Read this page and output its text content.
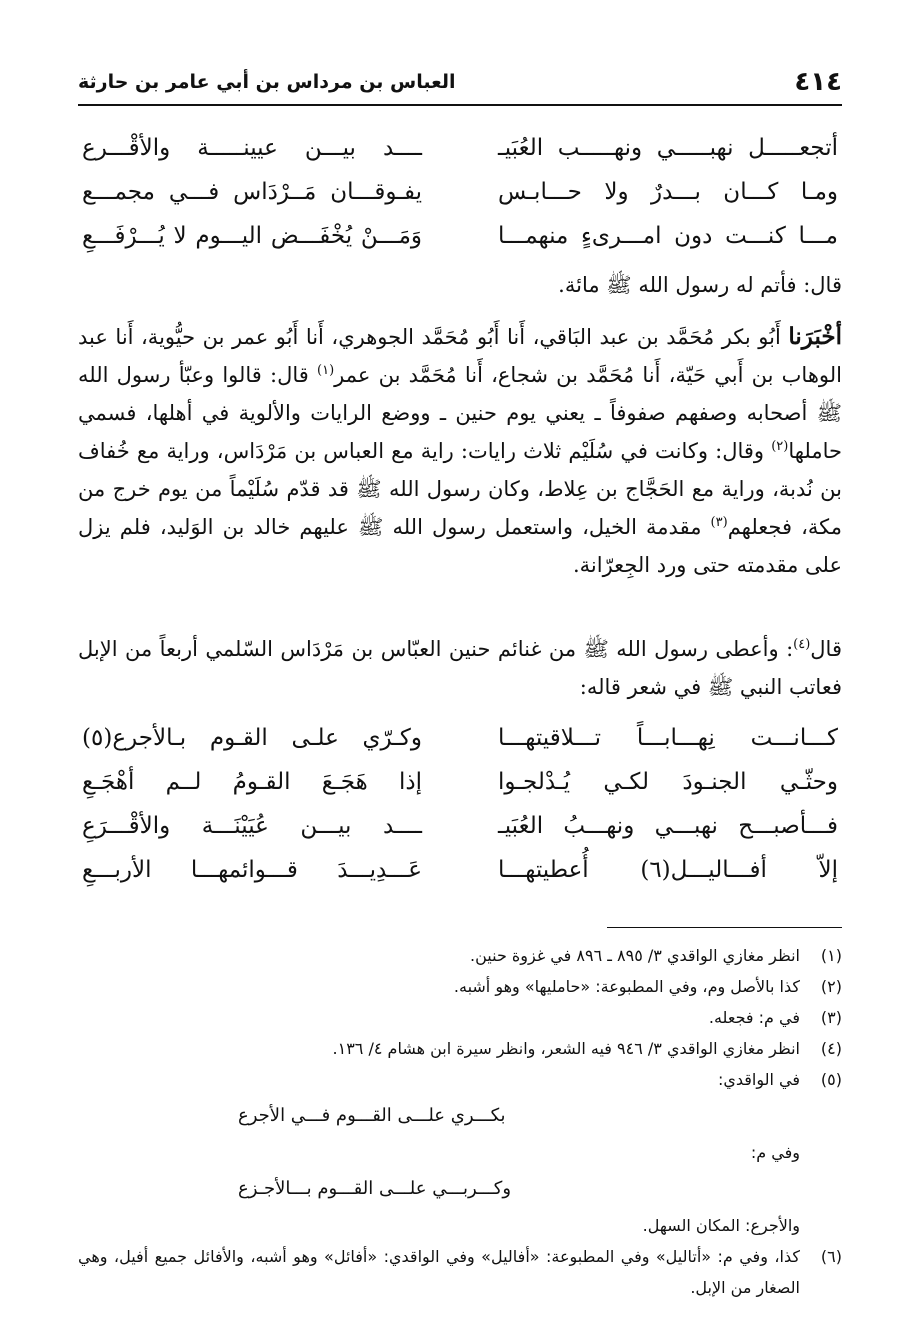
٤١٤
العباس بن مرداس بن أبي عامر بن حارثة
أتجعـــــل نهبـــــي ونهـــــب العُبَيـ
ــــد بيـــن عيينـــــة والأقْـــرع
ومـا كـــان بـــدرٌ ولا حـــابـس
يفـوقـــان مَــرْدَاس فـــي مجمـــع
مـــا كنـــت دون امـــرىءٍ منهمـــا
وَمَـــنْ يُخْفَـــض اليـــوم لا يُـــرْفَـــعِ
قال: فأتم له رسول الله ﷺ مائة.
أخْبَرَنا أَبُو بكر مُحَمَّد بن عبد البَاقي، أَنا أَبُو مُحَمَّد الجوهري، أَنا أَبُو عمر بن حيُّوية، أَنا عبد الوهاب بن أَبي حَيّة، أَنا مُحَمَّد بن شجاع، أَنا مُحَمَّد بن عمر$^{(١)}$ قال: قالوا وعبّأ رسول الله ﷺ أصحابه وصفهم صفوفاً ـ يعني يوم حنين ـ ووضع الرايات والألوية في أهلها، فسمي حاملها$^{(٢)}$ وقال: وكانت في سُلَيْم ثلاث رايات: راية مع العباس بن مَرْدَاس، وراية مع خُفاف بن نُدبة، وراية مع الحَجَّاج بن عِلاط، وكان رسول الله ﷺ قد قدّم سُلَيْماً من يوم خرج من مكة، فجعلهم$^{(٣)}$ مقدمة الخيل، واستعمل رسول الله ﷺ عليهم خالد بن الوَليد، فلم يزل على مقدمته حتى ورد الجِعرّانة.
قال$^{(٤)}$: وأعطى رسول الله ﷺ من غنائم حنين العبّاس بن مَرْدَاس السّلمي أربعاً من الإبل فعاتب النبي ﷺ في شعر قاله:
كـــانـــت نِهـــابـــاً تـــلاقيتهـــا
وكـرّي علـى القـوم بـالأجرع(٥)
وحثّـي الجنـودَ لكـي يُـدْلجـوا
إذا هَجَـعَ القـومُ لــم أهْجَـعِ
فـــأصبـــح نهبـــي ونهـــبُ العُبَيـ
ــــد بيـــن عُيَيْنَـــة والأقْـــرَعِ
إلاّ أفـــاليـــل(٦) أُعطيتهـــا
عَـــدِيـــدَ قـــوائمهـــا الأربـــعِ
(١)
انظر مغازي الواقدي ٣/ ٨٩٥ ـ ٨٩٦ في غزوة حنين.
(٢)
كذا بالأصل وم، وفي المطبوعة: «حامليها» وهو أشبه.
(٣)
في م: فجعله.
(٤)
انظر مغازي الواقدي ٣/ ٩٤٦ فيه الشعر، وانظر سيرة ابن هشام ٤/ ١٣٦.
(٥)
في الواقدي:
بكـــري علـــى القـــوم فـــي الأجرع
وفي م:
وكـــربـــي علـــى القـــوم بـــالأجـزع
والأجرع: المكان السهل.
(٦)
كذا، وفي م: «أتاليل» وفي المطبوعة: «أفاليل» وفي الواقدي: «أفائل» وهو أشبه، والأفائل جميع أفيل، وهي الصغار من الإبل.
